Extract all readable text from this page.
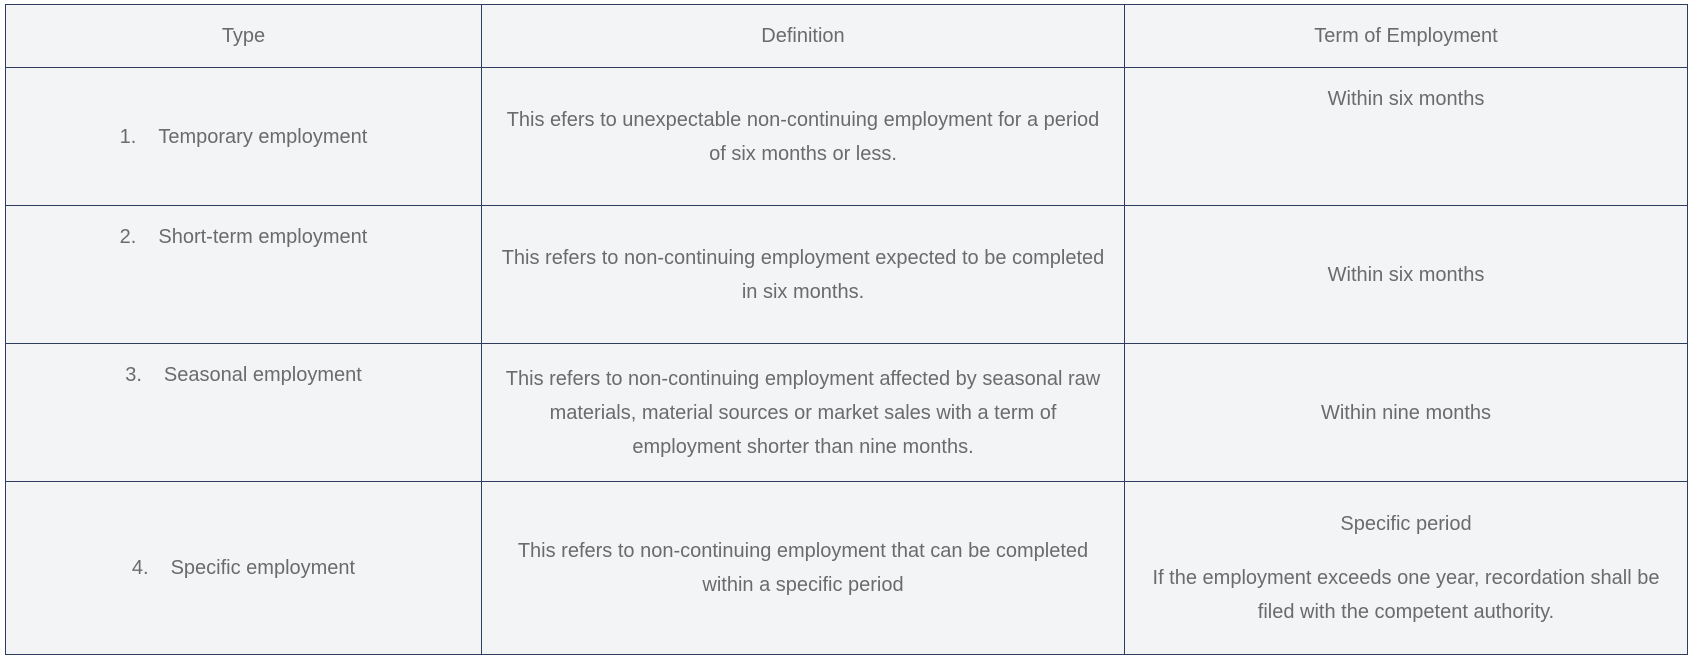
Type	Definition	Term of Employment
1. Temporary employment	This efers to unexpectable non-continuing employment for a period of six months or less.	Within six months
2. Short-term employment	This refers to non-continuing employment expected to be completed in six months.	Within six months
3. Seasonal employment	This refers to non-continuing employment affected by seasonal raw materials, material sources or market sales with a term of employment shorter than nine months.	Within nine months
4. Specific employment	This refers to non-continuing employment that can be completed within a specific period	Specific period

If the employment exceeds one year, recordation shall be filed with the competent authority.
